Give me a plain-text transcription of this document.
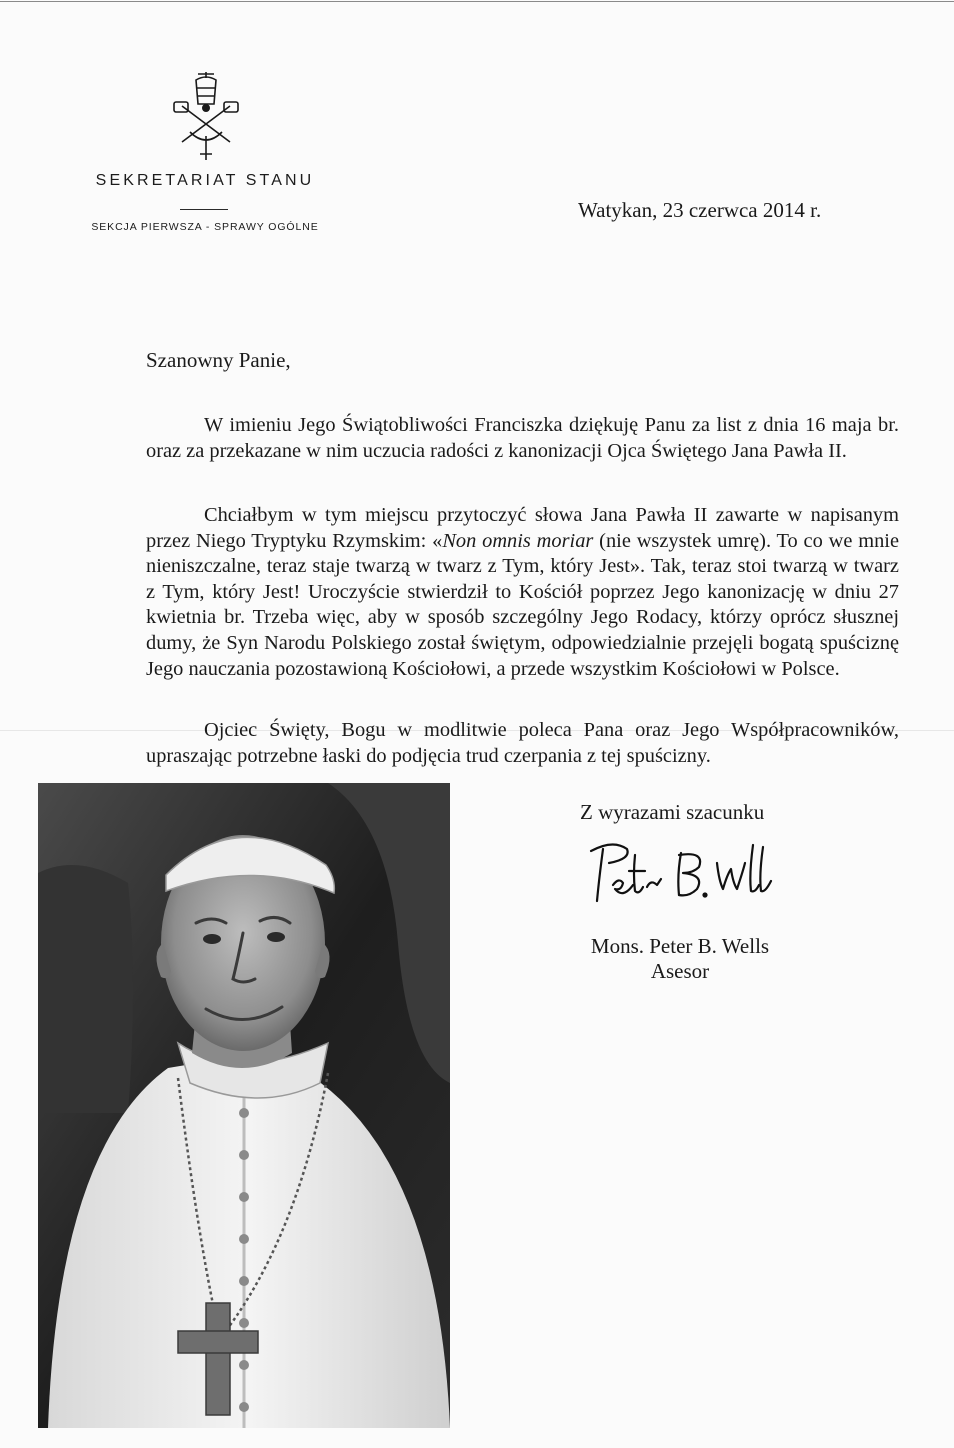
SEKRETARIAT STANU
SEKCJA PIERWSZA - SPRAWY OGÓLNE
Watykan, 23 czerwca 2014 r.
Szanowny Panie,

W imieniu Jego Świątobliwości Franciszka dziękuję Panu za list z dnia 16 maja br. oraz za przekazane w nim uczucia radości z kanonizacji Ojca Świętego Jana Pawła II.

Chciałbym w tym miejscu przytoczyć słowa Jana Pawła II zawarte w napisanym przez Niego Tryptyku Rzymskim: «Non omnis moriar (nie wszystek umrę). To co we mnie nieniszczalne, teraz staje twarzą w twarz z Tym, który Jest». Tak, teraz stoi twarzą w twarz z Tym, który Jest! Uroczyście stwierdził to Kościół poprzez Jego kanonizację w dniu 27 kwietnia br. Trzeba więc, aby w sposób szczególny Jego Rodacy, którzy oprócz słusznej dumy, że Syn Narodu Polskiego został świętym, odpowiedzialnie przejęli bogatą spuściznę Jego nauczania pozostawioną Kościołowi, a przede wszystkim Kościołowi w Polsce.

Ojciec Święty, Bogu w modlitwie poleca Pana oraz Jego Współpracowników, upraszając potrzebne łaski do podjęcia trud czerpania z tej spuścizny.

Z wyrazami szacunku
Mons. Peter B. Wells
Asesor
